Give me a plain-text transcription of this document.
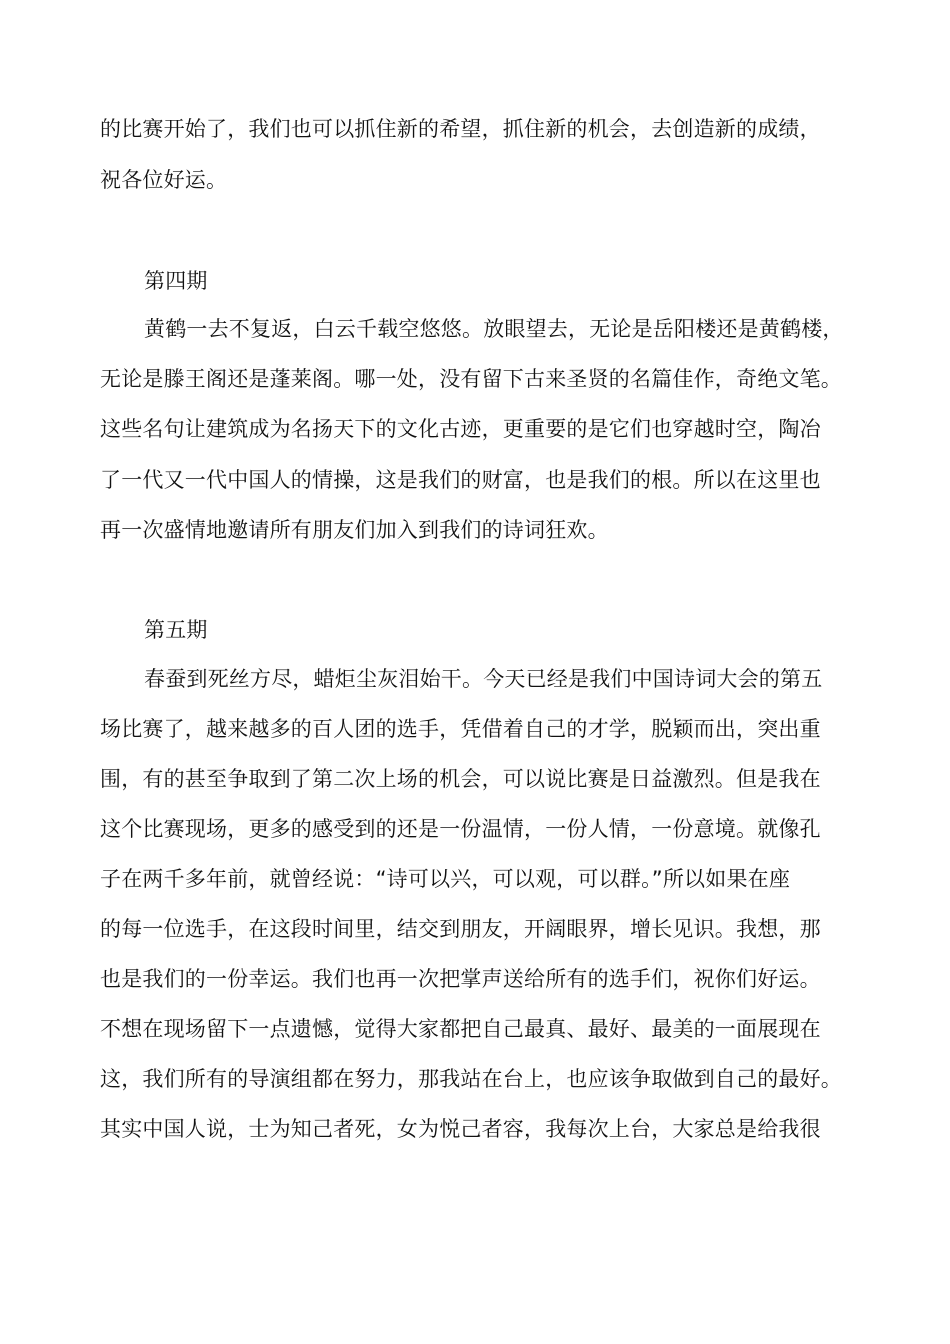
的比赛开始了，我们也可以抓住新的希望，抓住新的机会，去创造新的成绩，
祝各位好运。
第四期
黄鹤一去不复返，白云千载空悠悠。放眼望去，无论是岳阳楼还是黄鹤楼，
无论是滕王阁还是蓬莱阁。哪一处，没有留下古来圣贤的名篇佳作，奇绝文笔。
这些名句让建筑成为名扬天下的文化古迹，更重要的是它们也穿越时空，陶冶
了一代又一代中国人的情操，这是我们的财富，也是我们的根。所以在这里也
再一次盛情地邀请所有朋友们加入到我们的诗词狂欢。
第五期
春蚕到死丝方尽，蜡炬尘灰泪始干。今天已经是我们中国诗词大会的第五
场比赛了，越来越多的百人团的选手，凭借着自己的才学，脱颖而出，突出重
围，有的甚至争取到了第二次上场的机会，可以说比赛是日益激烈。但是我在
这个比赛现场，更多的感受到的还是一份温情，一份人情，一份意境。就像孔
子在两千多年前，就曾经说：“诗可以兴，可以观，可以群。”所以如果在座
的每一位选手，在这段时间里，结交到朋友，开阔眼界，增长见识。我想，那
也是我们的一份幸运。我们也再一次把掌声送给所有的选手们，祝你们好运。
不想在现场留下一点遗憾，觉得大家都把自己最真、最好、最美的一面展现在
这，我们所有的导演组都在努力，那我站在台上，也应该争取做到自己的最好。
其实中国人说，士为知己者死，女为悦己者容，我每次上台，大家总是给我很
